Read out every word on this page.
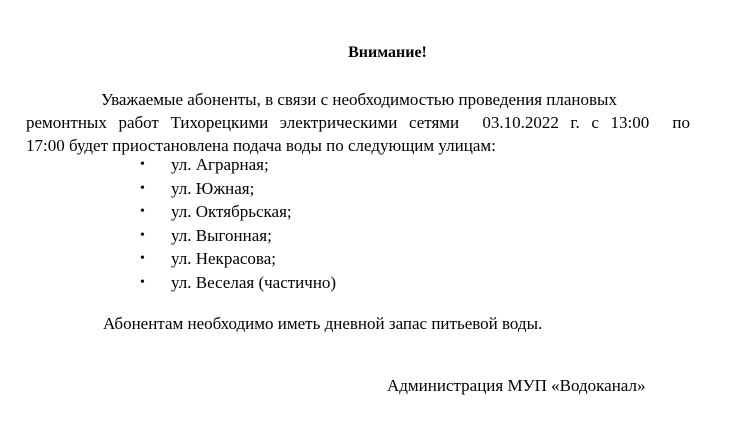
Внимание!
Уважаемые абоненты, в связи с необходимостью проведения плановых
ремонтных работ Тихорецкими электрическими сетями  03.10.2022 г. с 13:00  по
17:00 будет приостановлена подача воды по следующим улицам:
• ул. Аграрная;
• ул. Южная;
• ул. Октябрьская;
• ул. Выгонная;
• ул. Некрасова;
• ул. Веселая (частично)
Абонентам необходимо иметь дневной запас питьевой воды.
Администрация МУП «Водоканал»
